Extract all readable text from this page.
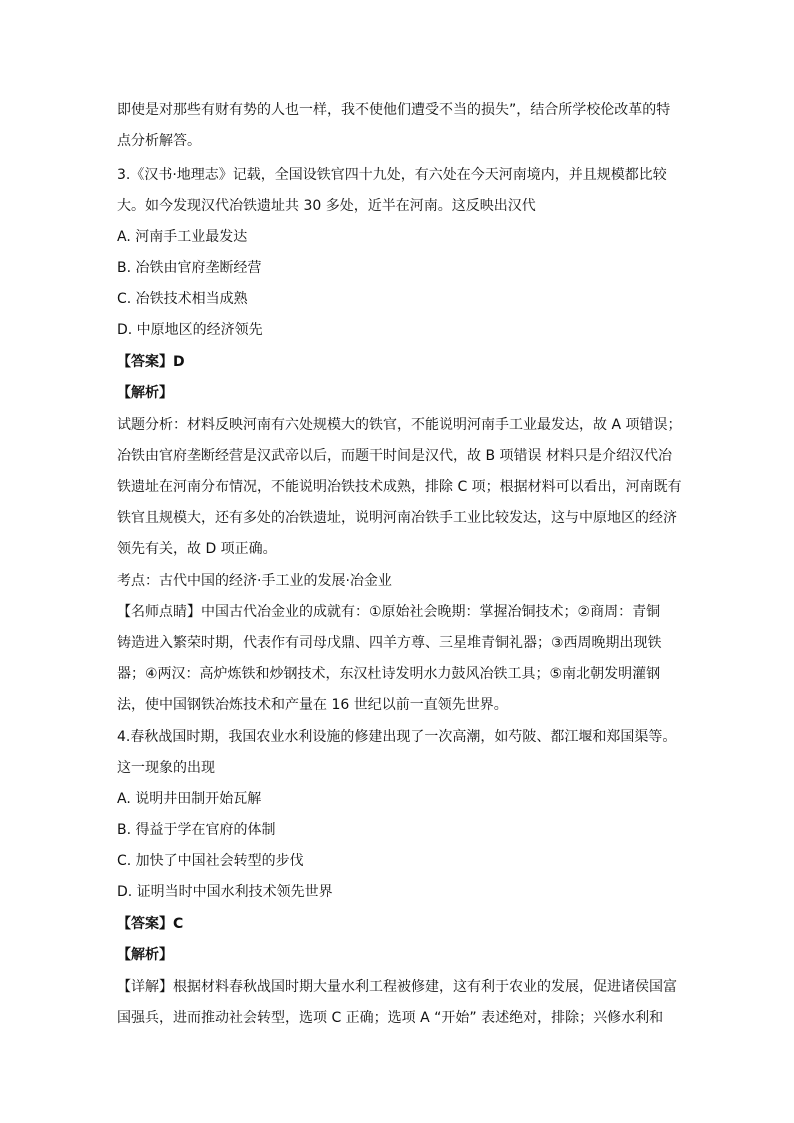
即使是对那些有财有势的人也一样，我不使他们遭受不当的损失”，结合所学校伦改革的特
点分析解答。
3.《汉书·地理志》记载，全国设铁官四十九处，有六处在今天河南境内，并且规模都比较
大。如今发现汉代冶铁遗址共 30 多处，近半在河南。这反映出汉代
A. 河南手工业最发达
B. 冶铁由官府垄断经营
C. 冶铁技术相当成熟
D. 中原地区的经济领先
【答案】D
【解析】
试题分析：材料反映河南有六处规模大的铁官，不能说明河南手工业最发达，故 A 项错误；
冶铁由官府垄断经营是汉武帝以后，而题干时间是汉代，故 B 项错误 材料只是介绍汉代冶
铁遗址在河南分布情况，不能说明冶铁技术成熟，排除 C 项；根据材料可以看出，河南既有
铁官且规模大，还有多处的冶铁遗址，说明河南冶铁手工业比较发达，这与中原地区的经济
领先有关，故 D 项正确。
考点：古代中国的经济·手工业的发展·冶金业
【名师点睛】中国古代冶金业的成就有：①原始社会晚期：掌握冶铜技术；②商周：青铜
铸造进入繁荣时期，代表作有司母戊鼎、四羊方尊、三星堆青铜礼器；③西周晚期出现铁
器；④两汉：高炉炼铁和炒钢技术，东汉杜诗发明水力鼓风冶铁工具；⑤南北朝发明灌钢
法，使中国钢铁冶炼技术和产量在 16 世纪以前一直领先世界。
4.春秋战国时期，我国农业水利设施的修建出现了一次高潮，如芍陂、都江堰和郑国渠等。
这一现象的出现
A. 说明井田制开始瓦解
B. 得益于学在官府的体制
C. 加快了中国社会转型的步伐
D. 证明当时中国水利技术领先世界
【答案】C
【解析】
【详解】根据材料春秋战国时期大量水利工程被修建，这有利于农业的发展，促进诸侯国富
国强兵，进而推动社会转型，选项 C 正确；选项 A “开始” 表述绝对，排除；兴修水利和
